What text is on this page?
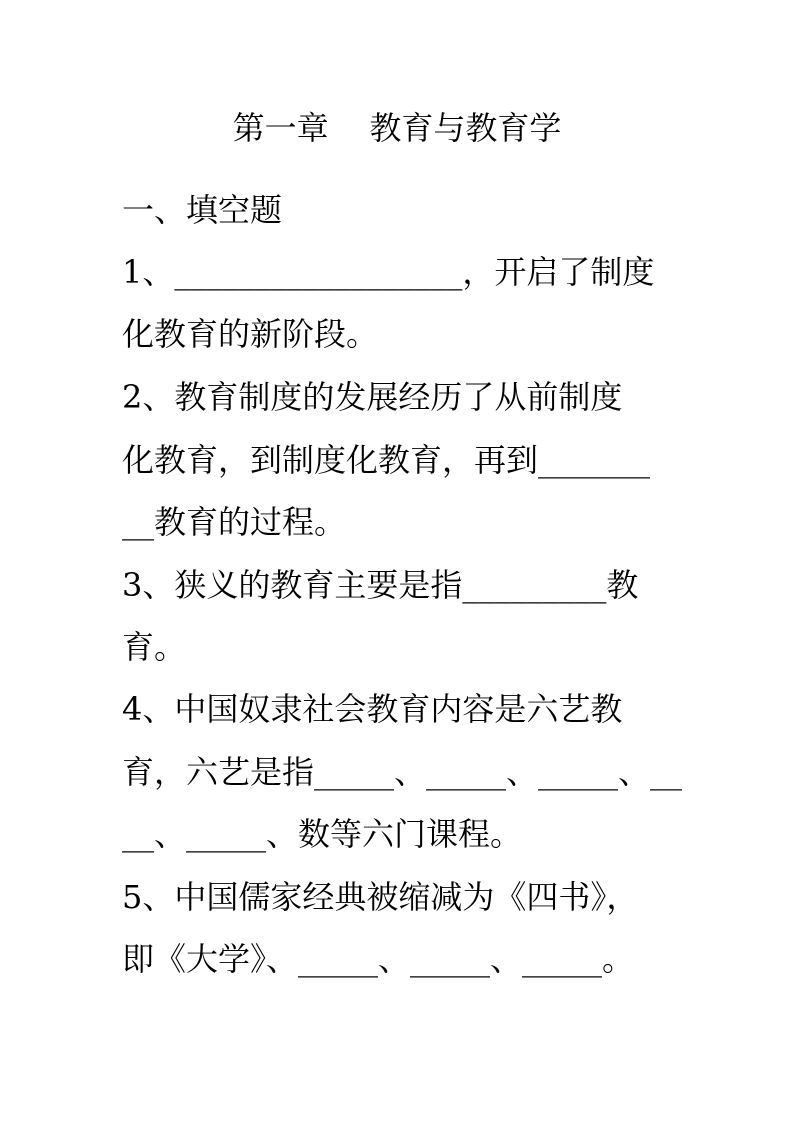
第一章    教育与教育学
一、填空题
1、__________________，开启了制度
化教育的新阶段。
2、教育制度的发展经历了从前制度
化教育，到制度化教育，再到_______
__教育的过程。
3、狭义的教育主要是指_________教
育。
4、中国奴隶社会教育内容是六艺教
育，六艺是指_____、_____、_____、__
__、_____、数等六门课程。
5、中国儒家经典被缩减为《四书》，
即《大学》、_____、_____、_____。
